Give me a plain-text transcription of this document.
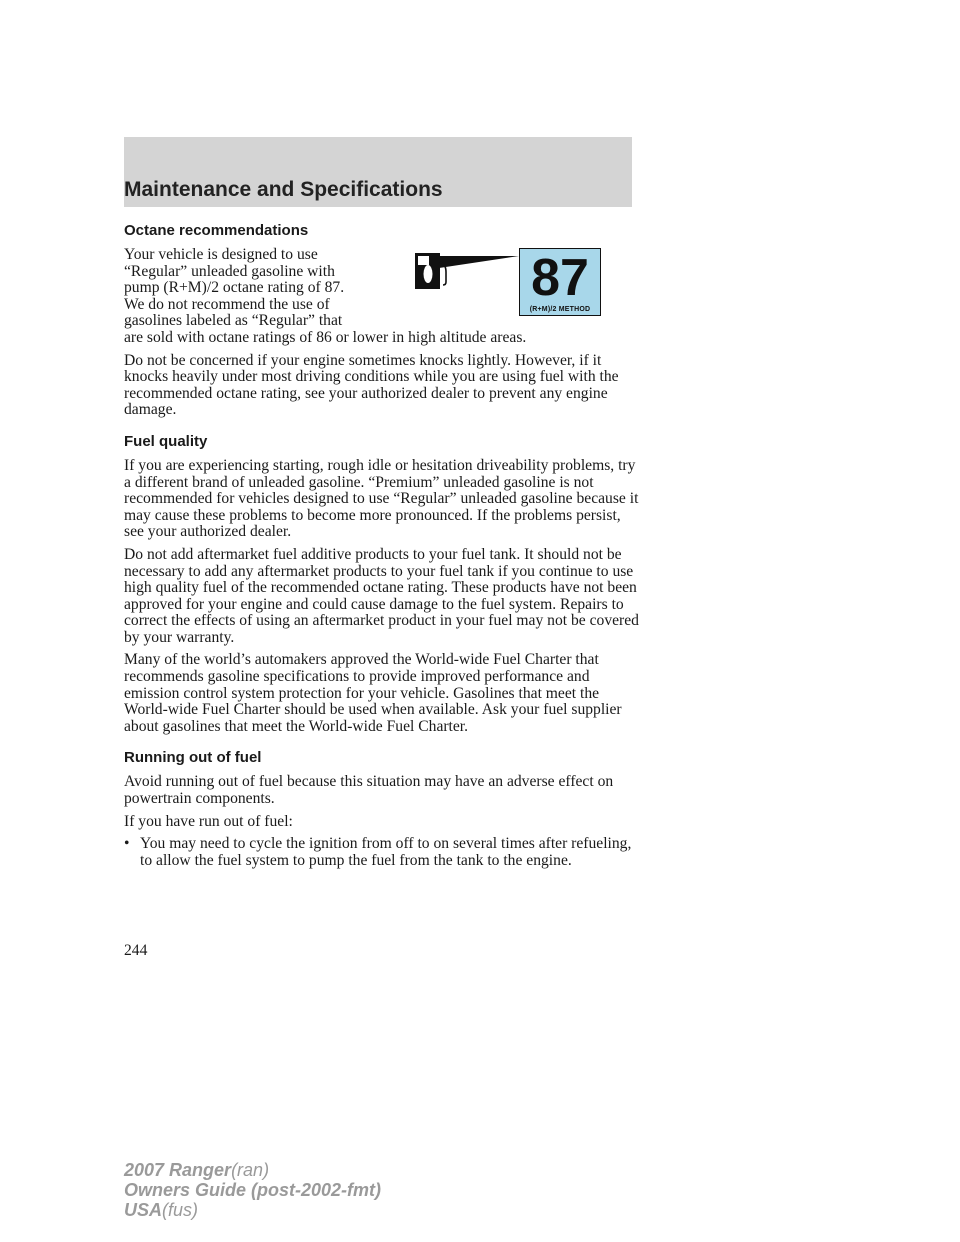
Maintenance and Specifications
87
(R+M)/2 METHOD
Octane recommendations
Your vehicle is designed to use
“Regular” unleaded gasoline with
pump (R+M)/2 octane rating of 87.
We do not recommend the use of
gasolines labeled as “Regular” that

are sold with octane ratings of 86 or lower in high altitude areas.

Do not be concerned if your engine sometimes knocks lightly. However, if it knocks heavily under most driving conditions while you are using fuel with the recommended octane rating, see your authorized dealer to prevent any engine damage.

Fuel quality

If you are experiencing starting, rough idle or hesitation driveability problems, try a different brand of unleaded gasoline. “Premium” unleaded gasoline is not recommended for vehicles designed to use “Regular” unleaded gasoline because it may cause these problems to become more pronounced. If the problems persist, see your authorized dealer.

Do not add aftermarket fuel additive products to your fuel tank. It should not be necessary to add any aftermarket products to your fuel tank if you continue to use high quality fuel of the recommended octane rating. These products have not been approved for your engine and could cause damage to the fuel system. Repairs to correct the effects of using an aftermarket product in your fuel may not be covered by your warranty.

Many of the world’s automakers approved the World-wide Fuel Charter that recommends gasoline specifications to provide improved performance and emission control system protection for your vehicle. Gasolines that meet the World-wide Fuel Charter should be used when available. Ask your fuel supplier about gasolines that meet the World-wide Fuel Charter.

Running out of fuel

Avoid running out of fuel because this situation may have an adverse effect on powertrain components.

If you have run out of fuel:

• You may need to cycle the ignition from off to on several times after refueling, to allow the fuel system to pump the fuel from the tank to the engine.
244
2007 Ranger(ran)
Owners Guide (post-2002-fmt)
USA(fus)
